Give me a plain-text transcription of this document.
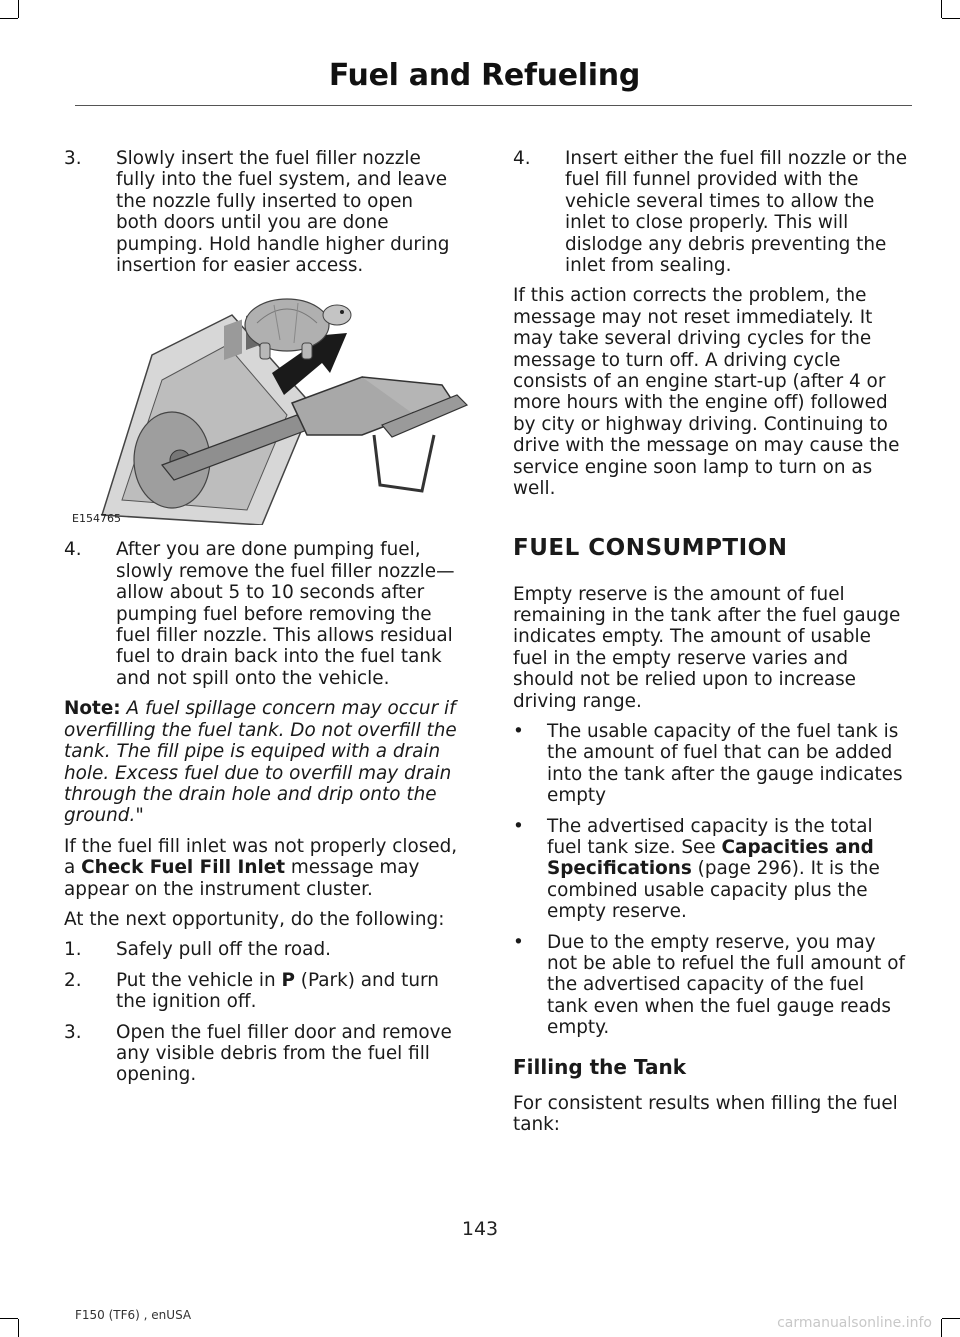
Fuel and Refueling
3. Slowly insert the fuel filler nozzle fully into the fuel system, and leave the nozzle fully inserted to open both doors until you are done pumping. Hold handle higher during insertion for easier access.
E154765
4. After you are done pumping fuel, slowly remove the fuel filler nozzle—allow about 5 to 10 seconds after pumping fuel before removing the fuel filler nozzle. This allows residual fuel to drain back into the fuel tank and not spill onto the vehicle.

Note: A fuel spillage concern may occur if overfilling the fuel tank. Do not overfill the tank. The fill pipe is equiped with a drain hole. Excess fuel due to overfill may drain through the drain hole and drip onto the ground."

If the fuel fill inlet was not properly closed, a Check Fuel Fill Inlet message may appear on the instrument cluster.

At the next opportunity, do the following:

1. Safely pull off the road.
2. Put the vehicle in P (Park) and turn the ignition off.
3. Open the fuel filler door and remove any visible debris from the fuel fill opening.
4. Insert either the fuel fill nozzle or the fuel fill funnel provided with the vehicle several times to allow the inlet to close properly. This will dislodge any debris preventing the inlet from sealing.

If this action corrects the problem, the message may not reset immediately. It may take several driving cycles for the message to turn off. A driving cycle consists of an engine start-up (after 4 or more hours with the engine off) followed by city or highway driving. Continuing to drive with the message on may cause the service engine soon lamp to turn on as well.

FUEL CONSUMPTION

Empty reserve is the amount of fuel remaining in the tank after the fuel gauge indicates empty. The amount of usable fuel in the empty reserve varies and should not be relied upon to increase driving range.

• The usable capacity of the fuel tank is the amount of fuel that can be added into the tank after the gauge indicates empty
• The advertised capacity is the total fuel tank size. See Capacities and Specifications (page 296). It is the combined usable capacity plus the empty reserve.
• Due to the empty reserve, you may not be able to refuel the full amount of the advertised capacity of the fuel tank even when the fuel gauge reads empty.
Filling the Tank

For consistent results when filling the fuel tank:

143
F150 (TF6) , enUSA	carmanualsonline.info
